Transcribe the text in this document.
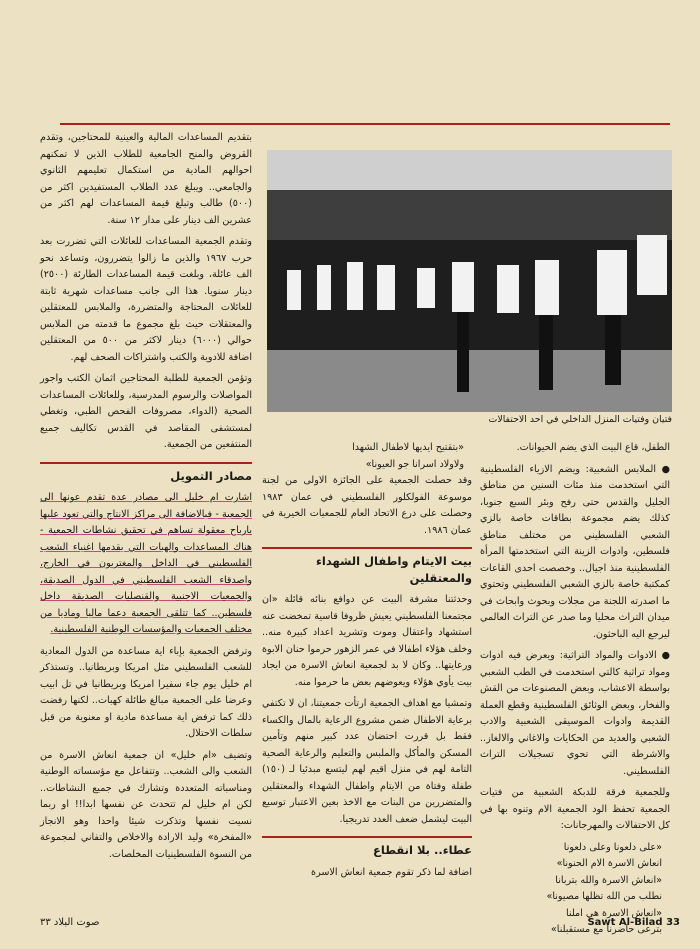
فتيان وفتيات المنزل الداخلي في احد الاحتفالات

بتقديم المساعدات المالية والعينية للمحتاجين، وتقدم القروض والمنح الجامعية للطلاب الذين لا تمكنهم احوالهم المادية من استكمال تعليمهم الثانوي والجامعي.. ويبلغ عدد الطلاب المستفيدين اكثر من (٥٠٠) طالب وتبلغ قيمة المساعدات لهم اكثر من عشرين الف دينار على مدار ١٢ سنة.

وتقدم الجمعية المساعدات للعائلات التي تضررت بعد حرب ١٩٦٧ والذين ما زالوا يتضررون، وتساعد نحو الف عائلة، وبلغت قيمة المساعدات الطارئة (٢٥٠٠) دينار سنويا. هذا الى جانب مساعدات شهرية ثابتة للعائلات المحتاجة والمتضررة، والملابس للمعتقلين والمعتقلات حيث بلغ مجموع ما قدمته من الملابس حوالي (٦٠٠٠) دينار لاكثر من ٥٠٠ من المعتقلين اضافة للادوية والكتب واشتراكات الصحف لهم.

وتؤمن الجمعية للطلبة المحتاجين اثمان الكتب واجور المواصلات والرسوم المدرسية، وللعائلات المساعدات الصحية (الدواء، مصروفات الفحص الطبي، وتغطي لمستشفى المقاصد في القدس تكاليف جميع المنتفعين من الجمعية.

مصادر التمويل

اشارت ام خليل الى مصادر عدة تقدم عونها الى الجمعية - فبالاضافة الى مراكز الانتاج والتي تعود عليها بارباح معقولة تساهم في تحقيق نشاطات الجمعية - هناك المساعدات والهبات التي يقدمها اغنياء الشعب الفلسطيني في الداخل والمغتربون في الخارج، واصدقاء الشعب الفلسطيني في الدول الصديقة، والجمعيات الاجنبية والقنصليات الصديقة داخل فلسطين.. كما تتلقى الجمعية دعما ماليا وماديا من مختلف الجمعيات والمؤسسات الوطنية الفلسطينية.

وترفض الجمعية بإباء اية مساعدة من الدول المعادية للشعب الفلسطيني مثل امريكا وبريطانيا.. وتستذكر ام خليل يوم جاء سفيرا امريكا وبريطانيا في تل ابيب وعرضا على الجمعية مبالغ طائلة كهبات.. لكنها رفضت ذلك كما ترفض اية مساعدة مادية او معنوية من قبل سلطات الاحتلال.

وتضيف «ام خليل» ان جمعية انعاش الاسرة من الشعب والى الشعب.. وتتفاعل مع مؤسساته الوطنية ومناسباته المتعددة وتشارك في جميع النشاطات.. لكن ام خليل لم تتحدث عن نفسها ابدا!! او ربما نسيت نفسها وتذكرت شيئا واحدا وهو الانجاز «المفخرة» وليد الارادة والاخلاص والتفاني لمجموعة من النسوة الفلسطينيات المخلصات.

الطفل، قاع البيت الذي يضم الحيوانات.

● الملابس الشعبية: ويضم الازياء الفلسطينية التي استخدمت منذ مئات السنين من مناطق الجليل والقدس حتى رفح وبئر السبع جنوبا، كذلك يضم مجموعة بطاقات خاصة بالزي الشعبي الفلسطيني من مختلف مناطق فلسطين، وادوات الزينة التي استخدمتها المرأة الفلسطينية منذ اجيال.. وخصصت احدى القاعات كمكتبة خاصة بالزي الشعبي الفلسطيني وتحتوي ما اصدرته اللجنة من مجلات وبحوث وابحاث في ميدان التراث محليا وما صدر عن التراث العالمي ليرجع اليه الباحثون.

● الادوات والمواد التراثية: ويعرض فيه ادوات ومواد تراثية كالتي استخدمت في الطب الشعبي بواسطة الاعشاب، وبعض المصنوعات من القش والفخار، وبعض الوثائق الفلسطينية وقطع العملة القديمة وادوات الموسيقى الشعبية والادب الشعبي والعديد من الحكايات والاغاني والالغاز.. والاشرطة التي تحوي تسجيلات التراث الفلسطيني.

وللجمعية فرقة للدبكة الشعبية من فتيات الجمعية تحفظ الود الجمعية الام وتنوه بها في كل الاحتفالات والمهرجانات:

«على دلعونا وعلى دلعونا
انعاش الاسرة الام الحنونا»
«انعاش الاسرة والله بتربانا
نطلب من الله تظلها مصيونا»
«انعاش الاسرة هي املنا
بترعى حاضرنا مع مستقبلنا»
«بتقتيح ايديها لاطفال الشهدا
ولاولاد اسرانا جو العيونا»

وقد حصلت الجمعية على الجائزة الاولى من لجنة موسوعة الفولكلور الفلسطيني في عمان ١٩٨٣ وحصلت على درع الاتحاد العام للجمعيات الخيرية في عمان ١٩٨٦.

بيت الايتام واطفال الشهداء والمعتقلين

وحدثتنا مشرفة البيت عن دوافع بنائه قائلة «ان مجتمعنا الفلسطيني يعيش ظروفا قاسية تمخضت عنه استشهاد واعتقال وموت وتشريد اعداد كبيرة منه.. وخلف هؤلاء اطفالا في عمر الزهور حرموا حنان الابوة ورعايتها.. وكان لا بد لجمعية انعاش الاسرة من ايجاد بيت يأوي هؤلاء ويعوضهم بعض ما حرموا منه.

وتمشيا مع اهداف الجمعية ارتأت جمعيتنا، ان لا تكتفي برعاية الاطفال ضمن مشروع الرعاية بالمال والكساء فقط بل قررت احتضان عدد كبير منهم وتأمين المسكن والمأكل والملبس والتعليم والرعاية الصحية التامة لهم في منزل اقيم لهم ليتسع مبدئيا لـ (١٥٠) طفلة وفتاة من الايتام واطفال الشهداء والمعتقلين والمتضررين من البنات مع الاخذ بعين الاعتبار توسيع البيت ليشمل ضعف العدد تدريجيا.

عطاء.. بلا انقطاع

اضافة لما ذكر تقوم جمعية انعاش الاسرة

صوت البلاد ٣٣	Sawt Al-Bilad 33
